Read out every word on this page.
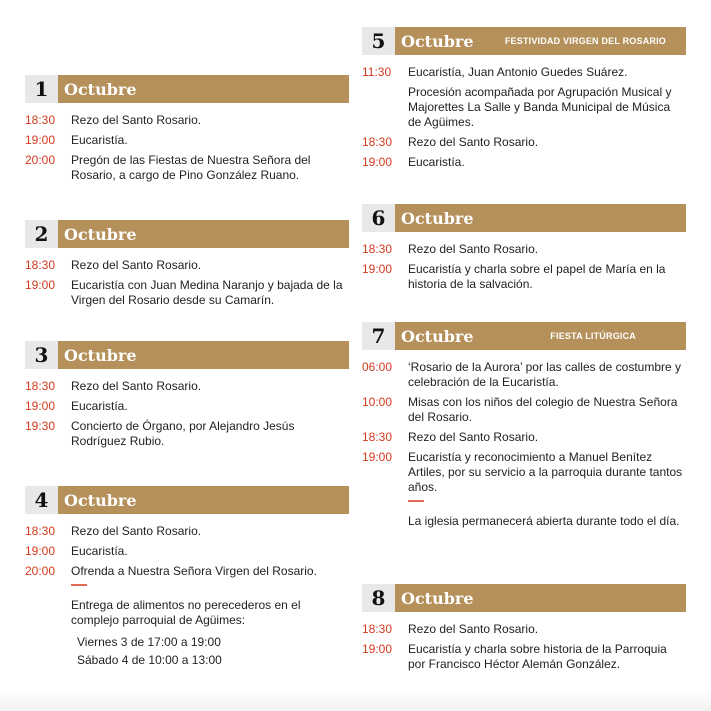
1 Octubre
18:30	Rezo del Santo Rosario.
19:00	Eucaristía.
20:00	Pregón de las Fiestas de Nuestra Señora del Rosario, a cargo de Pino González Ruano.
2 Octubre
18:30	Rezo del Santo Rosario.
19:00	Eucaristía con Juan Medina Naranjo y bajada de la Virgen del Rosario desde su Camarín.
3 Octubre
18:30	Rezo del Santo Rosario.
19:00	Eucaristía.
19:30	Concierto de Órgano, por Alejandro Jesús Rodríguez Rubio.
4 Octubre
18:30	Rezo del Santo Rosario.
19:00	Eucaristía.
20:00	Ofrenda a Nuestra Señora Virgen del Rosario.
Entrega de alimentos no perecederos en el complejo parroquial de Agüimes:
Viernes 3 de 17:00 a 19:00
Sábado 4 de 10:00 a 13:00
5 Octubre	FESTIVIDAD VIRGEN DEL ROSARIO
11:30	Eucaristía, Juan Antonio Guedes Suárez.
Procesión acompañada por Agrupación Musical y Majorettes La Salle y Banda Municipal de Música de Agüimes.
18:30	Rezo del Santo Rosario.
19:00	Eucaristía.
6 Octubre
18:30	Rezo del Santo Rosario.
19:00	Eucaristía y charla sobre el papel de María en la historia de la salvación.
7 Octubre	FIESTA LITÚRGICA
06:00	‘Rosario de la Aurora’ por las calles de costumbre y celebración de la Eucaristía.
10:00	Misas con los niños del colegio de Nuestra Señora del Rosario.
18:30	Rezo del Santo Rosario.
19:00	Eucaristía y reconocimiento a Manuel Benítez Artiles, por su servicio a la parroquia durante tantos años.
La iglesia permanecerá abierta durante todo el día.
8 Octubre
18:30	Rezo del Santo Rosario.
19:00	Eucaristía y charla sobre historia de la Parroquia por Francisco Héctor Alemán González.
